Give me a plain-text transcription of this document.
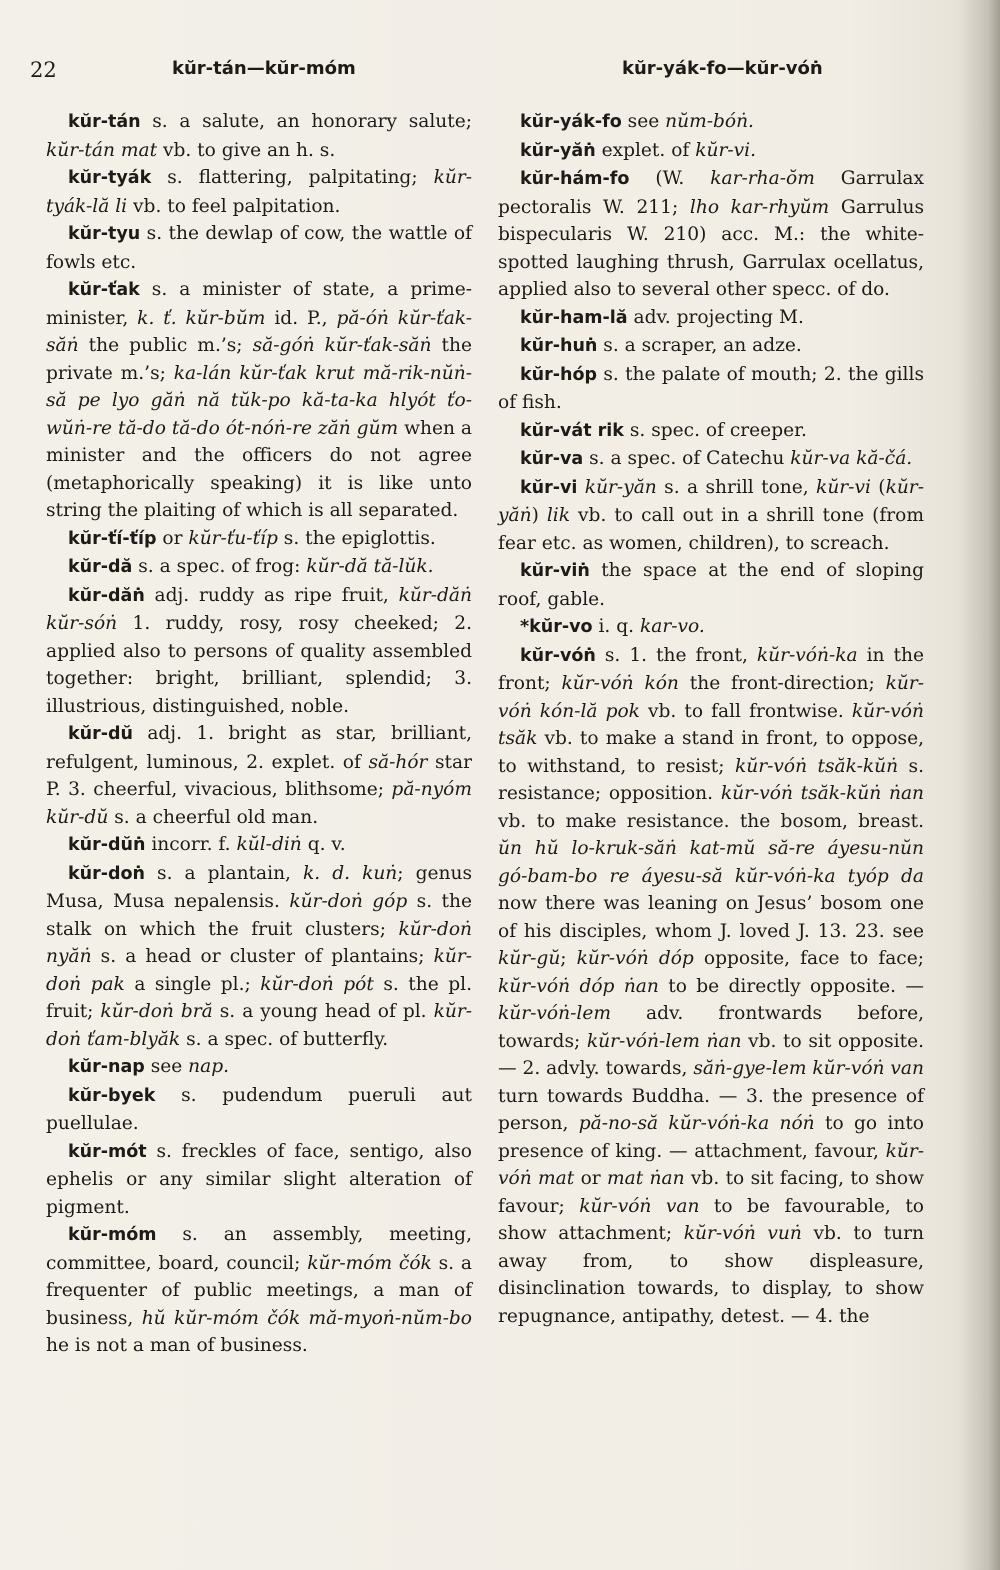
22	kŭr-tán—kŭr-móm	kŭr-yák-fo—kŭr-vóṅ

kŭr-tán s. a salute, an honorary salute; kŭr-tán mat vb. to give an h. s.

kŭr-tyák s. flattering, palpitating; kŭr-tyák-lă li vb. to feel palpitation.

kŭr-tyu s. the dewlap of cow, the wattle of fowls etc.

kŭr-ťak s. a minister of state, a prime-minister, k. ť. kŭr-bŭm id. P., pă-óṅ kŭr-ťak-săṅ the public m.’s; să-góṅ kŭr-ťak-săṅ the private m.’s; ka-lán kŭr-ťak krut mă-rik-nŭṅ-să pe lyo găṅ nă tŭk-po kă-ta-ka hlyót ťo-wŭṅ-re tă-do tă-do ót-nóṅ-re zăṅ gŭm when a minister and the officers do not agree (metaphorically speaking) it is like unto string the plaiting of which is all separated.

kŭr-ťí-ťíp or kŭr-ťu-ťíp s. the epiglottis.

kŭr-dă s. a spec. of frog: kŭr-dă tă-lŭk.

kŭr-dăṅ adj. ruddy as ripe fruit, kŭr-dăṅ kŭr-sóṅ 1. ruddy, rosy, rosy cheeked; 2. applied also to persons of quality assembled together: bright, brilliant, splendid; 3. illustrious, distinguished, noble.

kŭr-dŭ adj. 1. bright as star, brilliant, refulgent, luminous, 2. explet. of să-hór star P. 3. cheerful, vivacious, blithsome; pă-nyóm kŭr-dŭ s. a cheerful old man.

kŭr-dŭṅ incorr. f. kŭl-diṅ q. v.

kŭr-doṅ s. a plantain, k. d. kuṅ; genus Musa, Musa nepalensis. kŭr-doṅ góp s. the stalk on which the fruit clusters; kŭr-doṅ nyăṅ s. a head or cluster of plantains; kŭr-doṅ pak a single pl.; kŭr-doṅ pót s. the pl. fruit; kŭr-doṅ bră s. a young head of pl. kŭr-doṅ ťam-blyăk s. a spec. of butterfly.

kŭr-nap see nap.

kŭr-byek s. pudendum pueruli aut puellulae.

kŭr-mót s. freckles of face, sentigo, also ephelis or any similar slight alteration of pigment.

kŭr-móm s. an assembly, meeting, committee, board, council; kŭr-móm čók s. a frequenter of public meetings, a man of business, hŭ kŭr-móm čók mă-myoṅ-nŭm-bo he is not a man of business.

kŭr-yák-fo see nŭm-bóṅ.

kŭr-yăṅ explet. of kŭr-vi.

kŭr-hám-fo (W. kar-rha-ŏm Garrulax pectoralis W. 211; lho kar-rhyŭm Garrulus bispecularis W. 210) acc. M.: the white-spotted laughing thrush, Garrulax ocellatus, applied also to several other specc. of do.

kŭr-ham-lă adv. projecting M.

kŭr-huṅ s. a scraper, an adze.

kŭr-hóp s. the palate of mouth; 2. the gills of fish.

kŭr-vát rik s. spec. of creeper.

kŭr-va s. a spec. of Catechu kŭr-va kă-čá.

kŭr-vi kŭr-yăn s. a shrill tone, kŭr-vi (kŭr-yăṅ) lik vb. to call out in a shrill tone (from fear etc. as women, children), to screach.

kŭr-viṅ the space at the end of sloping roof, gable.

*kŭr-vo i. q. kar-vo.

kŭr-vóṅ s. 1. the front, kŭr-vóṅ-ka in the front; kŭr-vóṅ kón the front-direction; kŭr-vóṅ kón-lă pok vb. to fall frontwise. kŭr-vóṅ tsăk vb. to make a stand in front, to oppose, to withstand, to resist; kŭr-vóṅ tsăk-kŭṅ s. resistance; opposition. kŭr-vóṅ tsăk-kŭṅ ṅan vb. to make resistance. the bosom, breast. ŭn hŭ lo-kruk-săṅ kat-mŭ să-re áyesu-nŭn gó-bam-bo re áyesu-să kŭr-vóṅ-ka tyóp da now there was leaning on Jesus’ bosom one of his disciples, whom J. loved J. 13. 23. see kŭr-gŭ; kŭr-vóṅ dóp opposite, face to face; kŭr-vóṅ dóp ṅan to be directly opposite. — kŭr-vóṅ-lem adv. frontwards before, towards; kŭr-vóṅ-lem ṅan vb. to sit opposite. — 2. advly. towards, săṅ-gye-lem kŭr-vóṅ van turn towards Buddha. — 3. the presence of person, pă-no-să kŭr-vóṅ-ka nóṅ to go into presence of king. — attachment, favour, kŭr-vóṅ mat or mat ṅan vb. to sit facing, to show favour; kŭr-vóṅ van to be favourable, to show attachment; kŭr-vóṅ vuṅ vb. to turn away from, to show displeasure, disinclination towards, to display, to show repugnance, antipathy, detest. — 4. the
